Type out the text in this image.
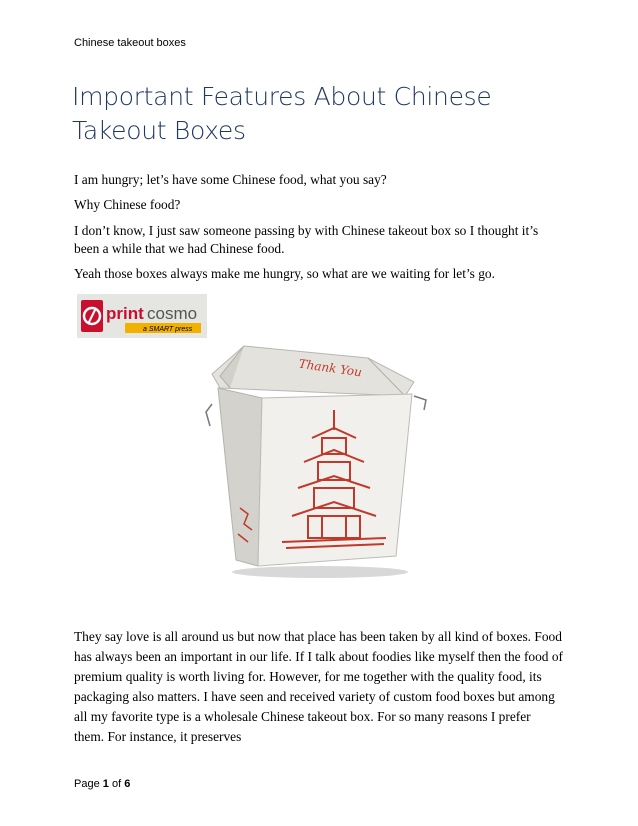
Chinese takeout boxes
Important Features About Chinese Takeout Boxes

I am hungry; let’s have some Chinese food, what you say?

Why Chinese food?

I don’t know, I just saw someone passing by with Chinese takeout box so I thought it’s been a while that we had Chinese food.

Yeah those boxes always make me hungry, so what are we waiting for let’s go.

print cosmo
a SMART press
Thank You

They say love is all around us but now that place has been taken by all kind of boxes. Food has always been an important in our life. If I talk about foodies like myself then the food of premium quality is worth living for. However, for me together with the quality food, its packaging also matters. I have seen and received variety of custom food boxes but among all my favorite type is a wholesale Chinese takeout box. For so many reasons I prefer them. For instance, it preserves

Page 1 of 6
